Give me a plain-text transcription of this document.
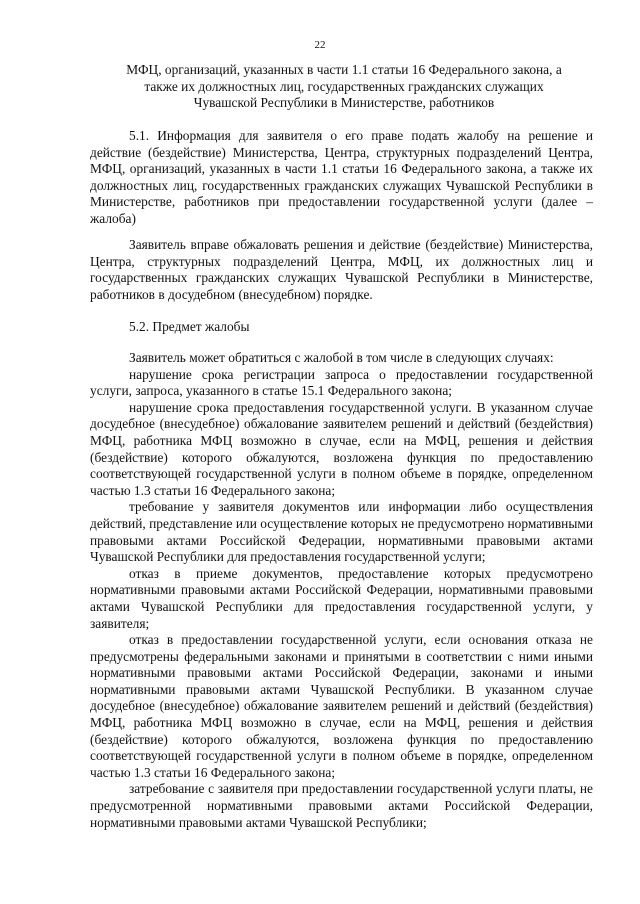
22

МФЦ, организаций, указанных в части 1.1 статьи 16 Федерального закона, а

также их должностных лиц, государственных гражданских служащих

Чувашской Республики в Министерстве, работников

5.1. Информация для заявителя о его праве подать жалобу на решение и действие (бездействие) Министерства, Центра, структурных подразделений Центра, МФЦ, организаций, указанных в части 1.1 статьи 16 Федерального закона, а также их должностных лиц, государственных гражданских служащих Чувашской Республики в Министерстве, работников при предоставлении государственной услуги (далее – жалоба)

Заявитель вправе обжаловать решения и действие (бездействие) Министерства, Центра, структурных подразделений Центра, МФЦ, их должностных лиц и государственных гражданских служащих Чувашской Республики в Министерстве, работников в досудебном (внесудебном) порядке.

5.2. Предмет жалобы

Заявитель может обратиться с жалобой в том числе в следующих случаях:

нарушение срока регистрации запроса о предоставлении государственной услуги, запроса, указанного в статье 15.1 Федерального закона;

нарушение срока предоставления государственной услуги. В указанном случае досудебное (внесудебное) обжалование заявителем решений и действий (бездействия) МФЦ, работника МФЦ возможно в случае, если на МФЦ, решения и действия (бездействие) которого обжалуются, возложена функция по предоставлению соответствующей государственной услуги в полном объеме в порядке, определенном частью 1.3 статьи 16 Федерального закона;

требование у заявителя документов или информации либо осуществления действий, представление или осуществление которых не предусмотрено нормативными правовыми актами Российской Федерации, нормативными правовыми актами Чувашской Республики для предоставления государственной услуги;

отказ в приеме документов, предоставление которых предусмотрено нормативными правовыми актами Российской Федерации, нормативными правовыми актами Чувашской Республики для предоставления государственной услуги, у заявителя;

отказ в предоставлении государственной услуги, если основания отказа не предусмотрены федеральными законами и принятыми в соответствии с ними иными нормативными правовыми актами Российской Федерации, законами и иными нормативными правовыми актами Чувашской Республики. В указанном случае досудебное (внесудебное) обжалование заявителем решений и действий (бездействия) МФЦ, работника МФЦ возможно в случае, если на МФЦ, решения и действия (бездействие) которого обжалуются, возложена функция по предоставлению соответствующей государственной услуги в полном объеме в порядке, определенном частью 1.3 статьи 16 Федерального закона;

затребование с заявителя при предоставлении государственной услуги платы, не предусмотренной нормативными правовыми актами Российской Федерации, нормативными правовыми актами Чувашской Республики;
